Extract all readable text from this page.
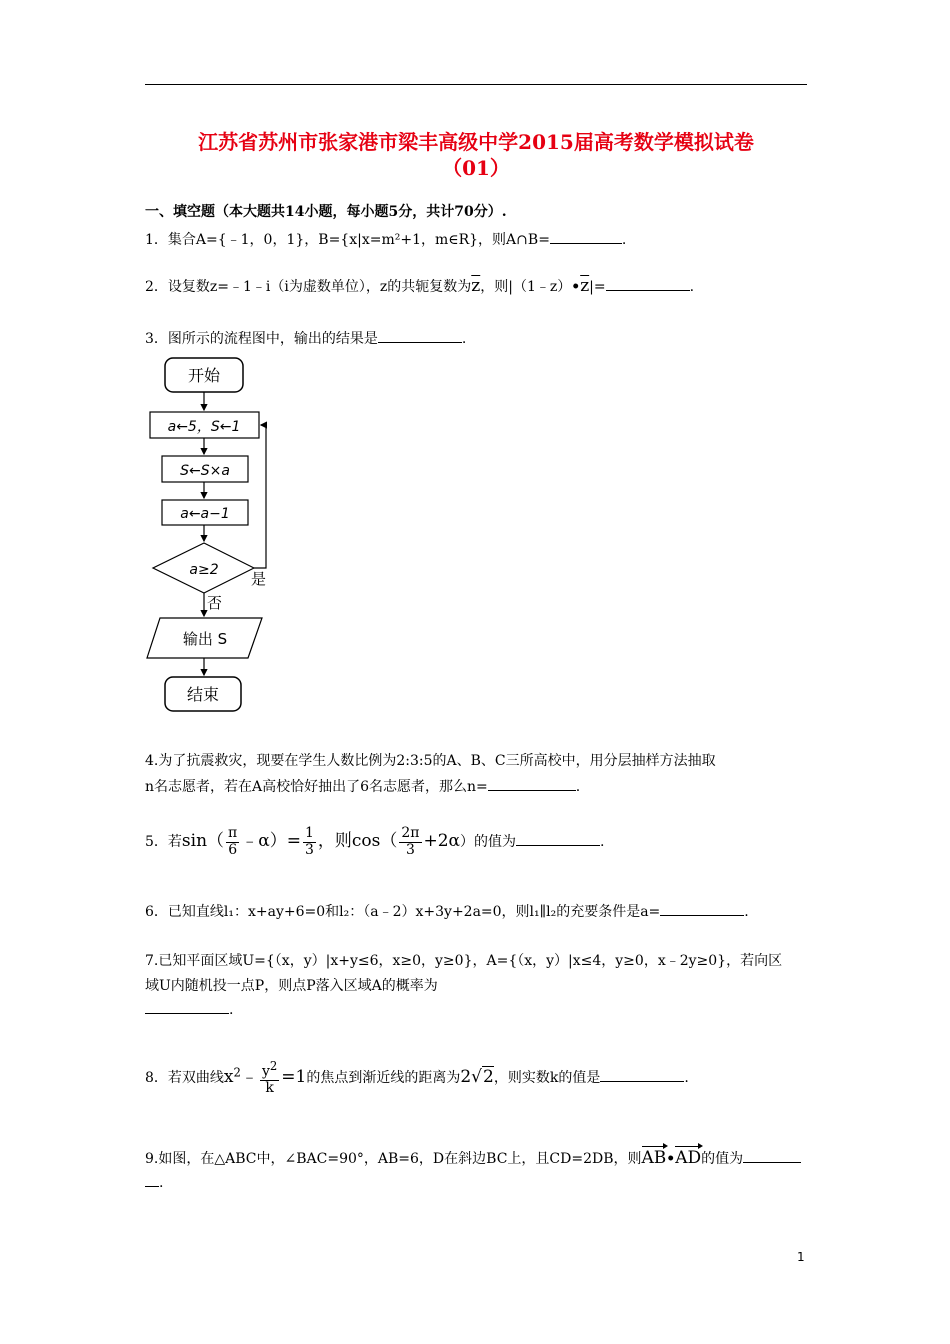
江苏省苏州市张家港市梁丰高级中学2015届高考数学模拟试卷
（01）
一、填空题（本大题共14小题，每小题5分，共计70分）.
1．集合A={﹣1，0，1}，B={x|x=m²+1，m∈R}，则A∩B=	.
2．设复数z=﹣1﹣i（i为虚数单位），z的共轭复数为$\overline{z}$，则$|(1﹣z)•\overline{z}|=$	.
3．图所示的流程图中，输出的结果是	.
开始
a←5，S←1
S←S×a
a←a−1
a≥2 是
否
输出 S
结束
4.为了抗震救灾，现要在学生人数比例为2:3:5的A、B、C三所高校中，用分层抽样方法抽取
n名志愿者，若在A高校恰好抽出了6名志愿者，那么n=	.
5．若$\sin( \frac{\pi}{6}$ ﹣α）= $\frac{1}{3}$ ，则$\cos( \frac{2\pi}{3} +2\alpha)$的值为	.
6．已知直线l₁：x+ay+6=0和l₂：（a﹣2）x+3y+2a=0，则l₁∥l₂的充要条件是a=	.
7.已知平面区域U={（x，y）|x+y≤6，x≥0，y≥0}，A={（x，y）|x≤4，y≥0，x﹣2y≥0}，若向区
域U内随机投一点P，则点P落入区域A的概率为
.
8．若双曲线$x^2﹣ \frac{y^2}{k} =1$的焦点到渐近线的距离为2√2，则实数k的值是	.
9.如图，在△ABC中，∠BAC=90°，AB=6，D在斜边BC上，且CD=2DB，则AB•AD的值为
.
1
